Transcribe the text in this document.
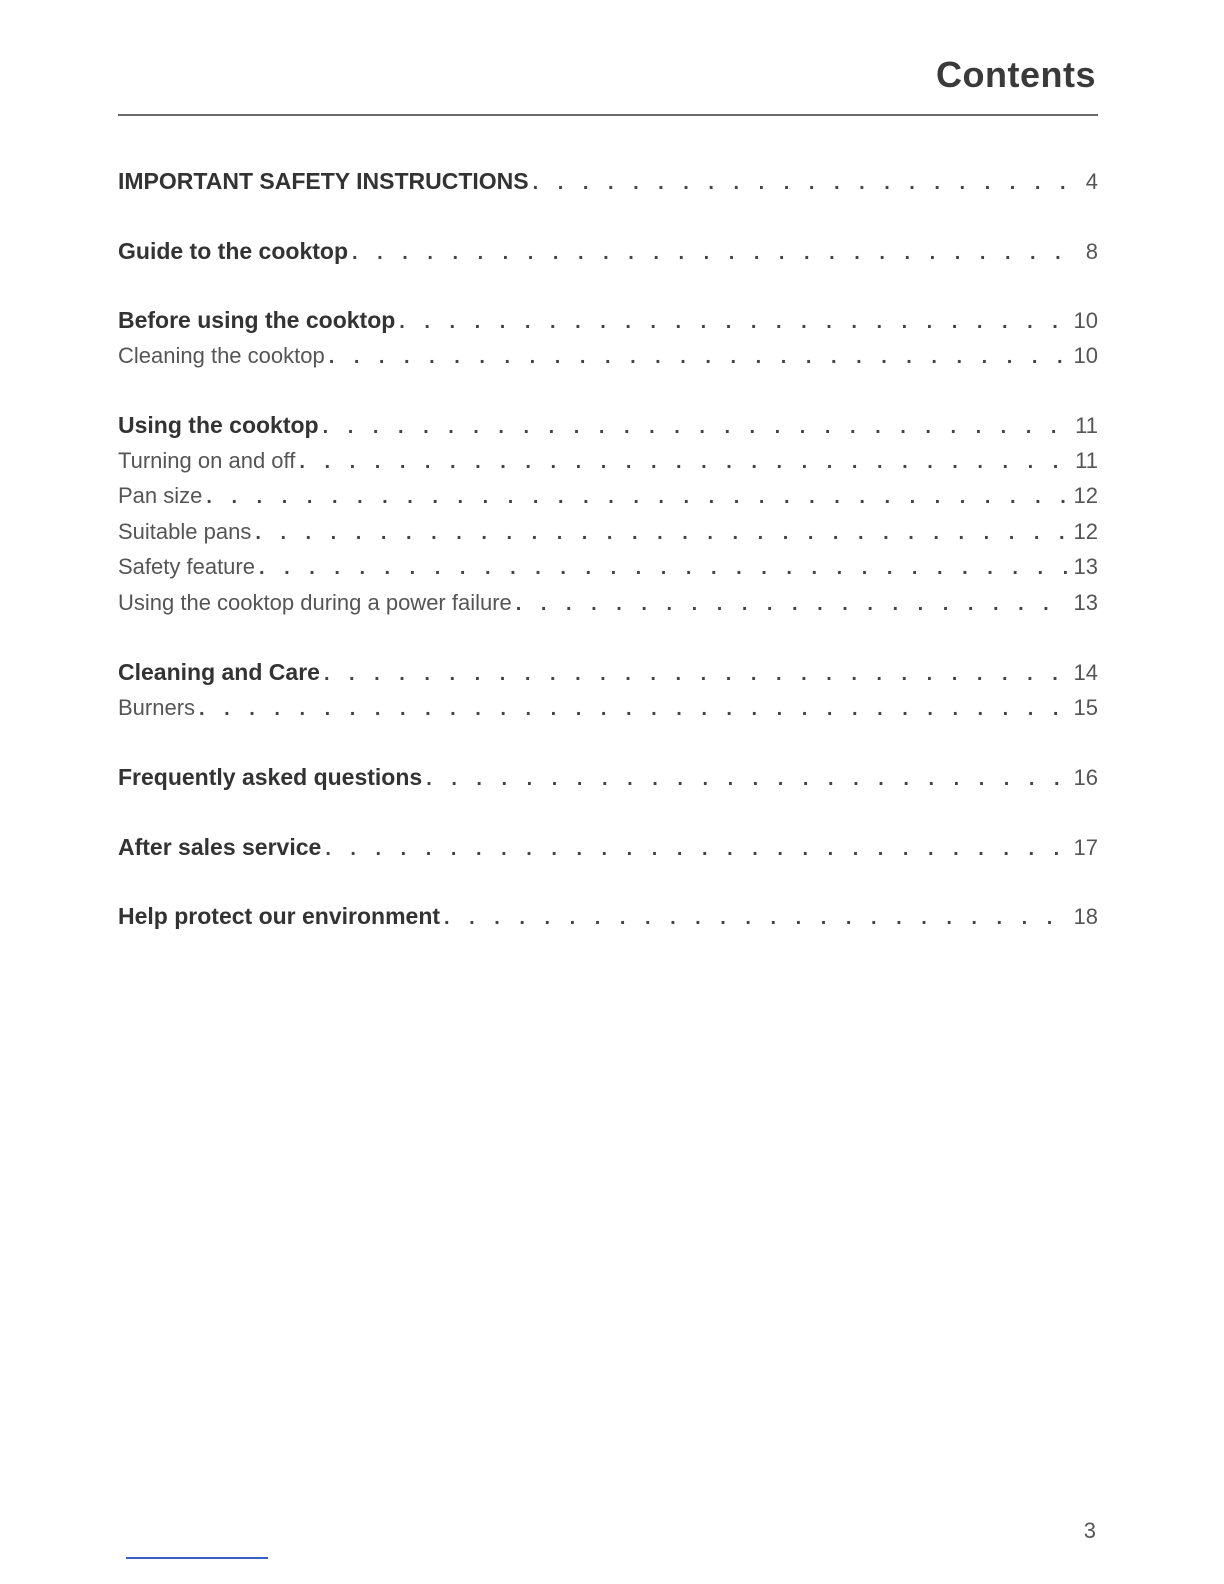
Contents
IMPORTANT SAFETY INSTRUCTIONS . . .	4
Guide to the cooktop . . .	8
Before using the cooktop . . .	10
Cleaning the cooktop . . .	10
Using the cooktop . . .	11
Turning on and off . . .	11
Pan size . . .	12
Suitable pans . . .	12
Safety feature . . .	13
Using the cooktop during a power failure . . .	13
Cleaning and Care . . .	14
Burners . . .	15
Frequently asked questions . . .	16
After sales service . . .	17
Help protect our environment . . .	18
3
